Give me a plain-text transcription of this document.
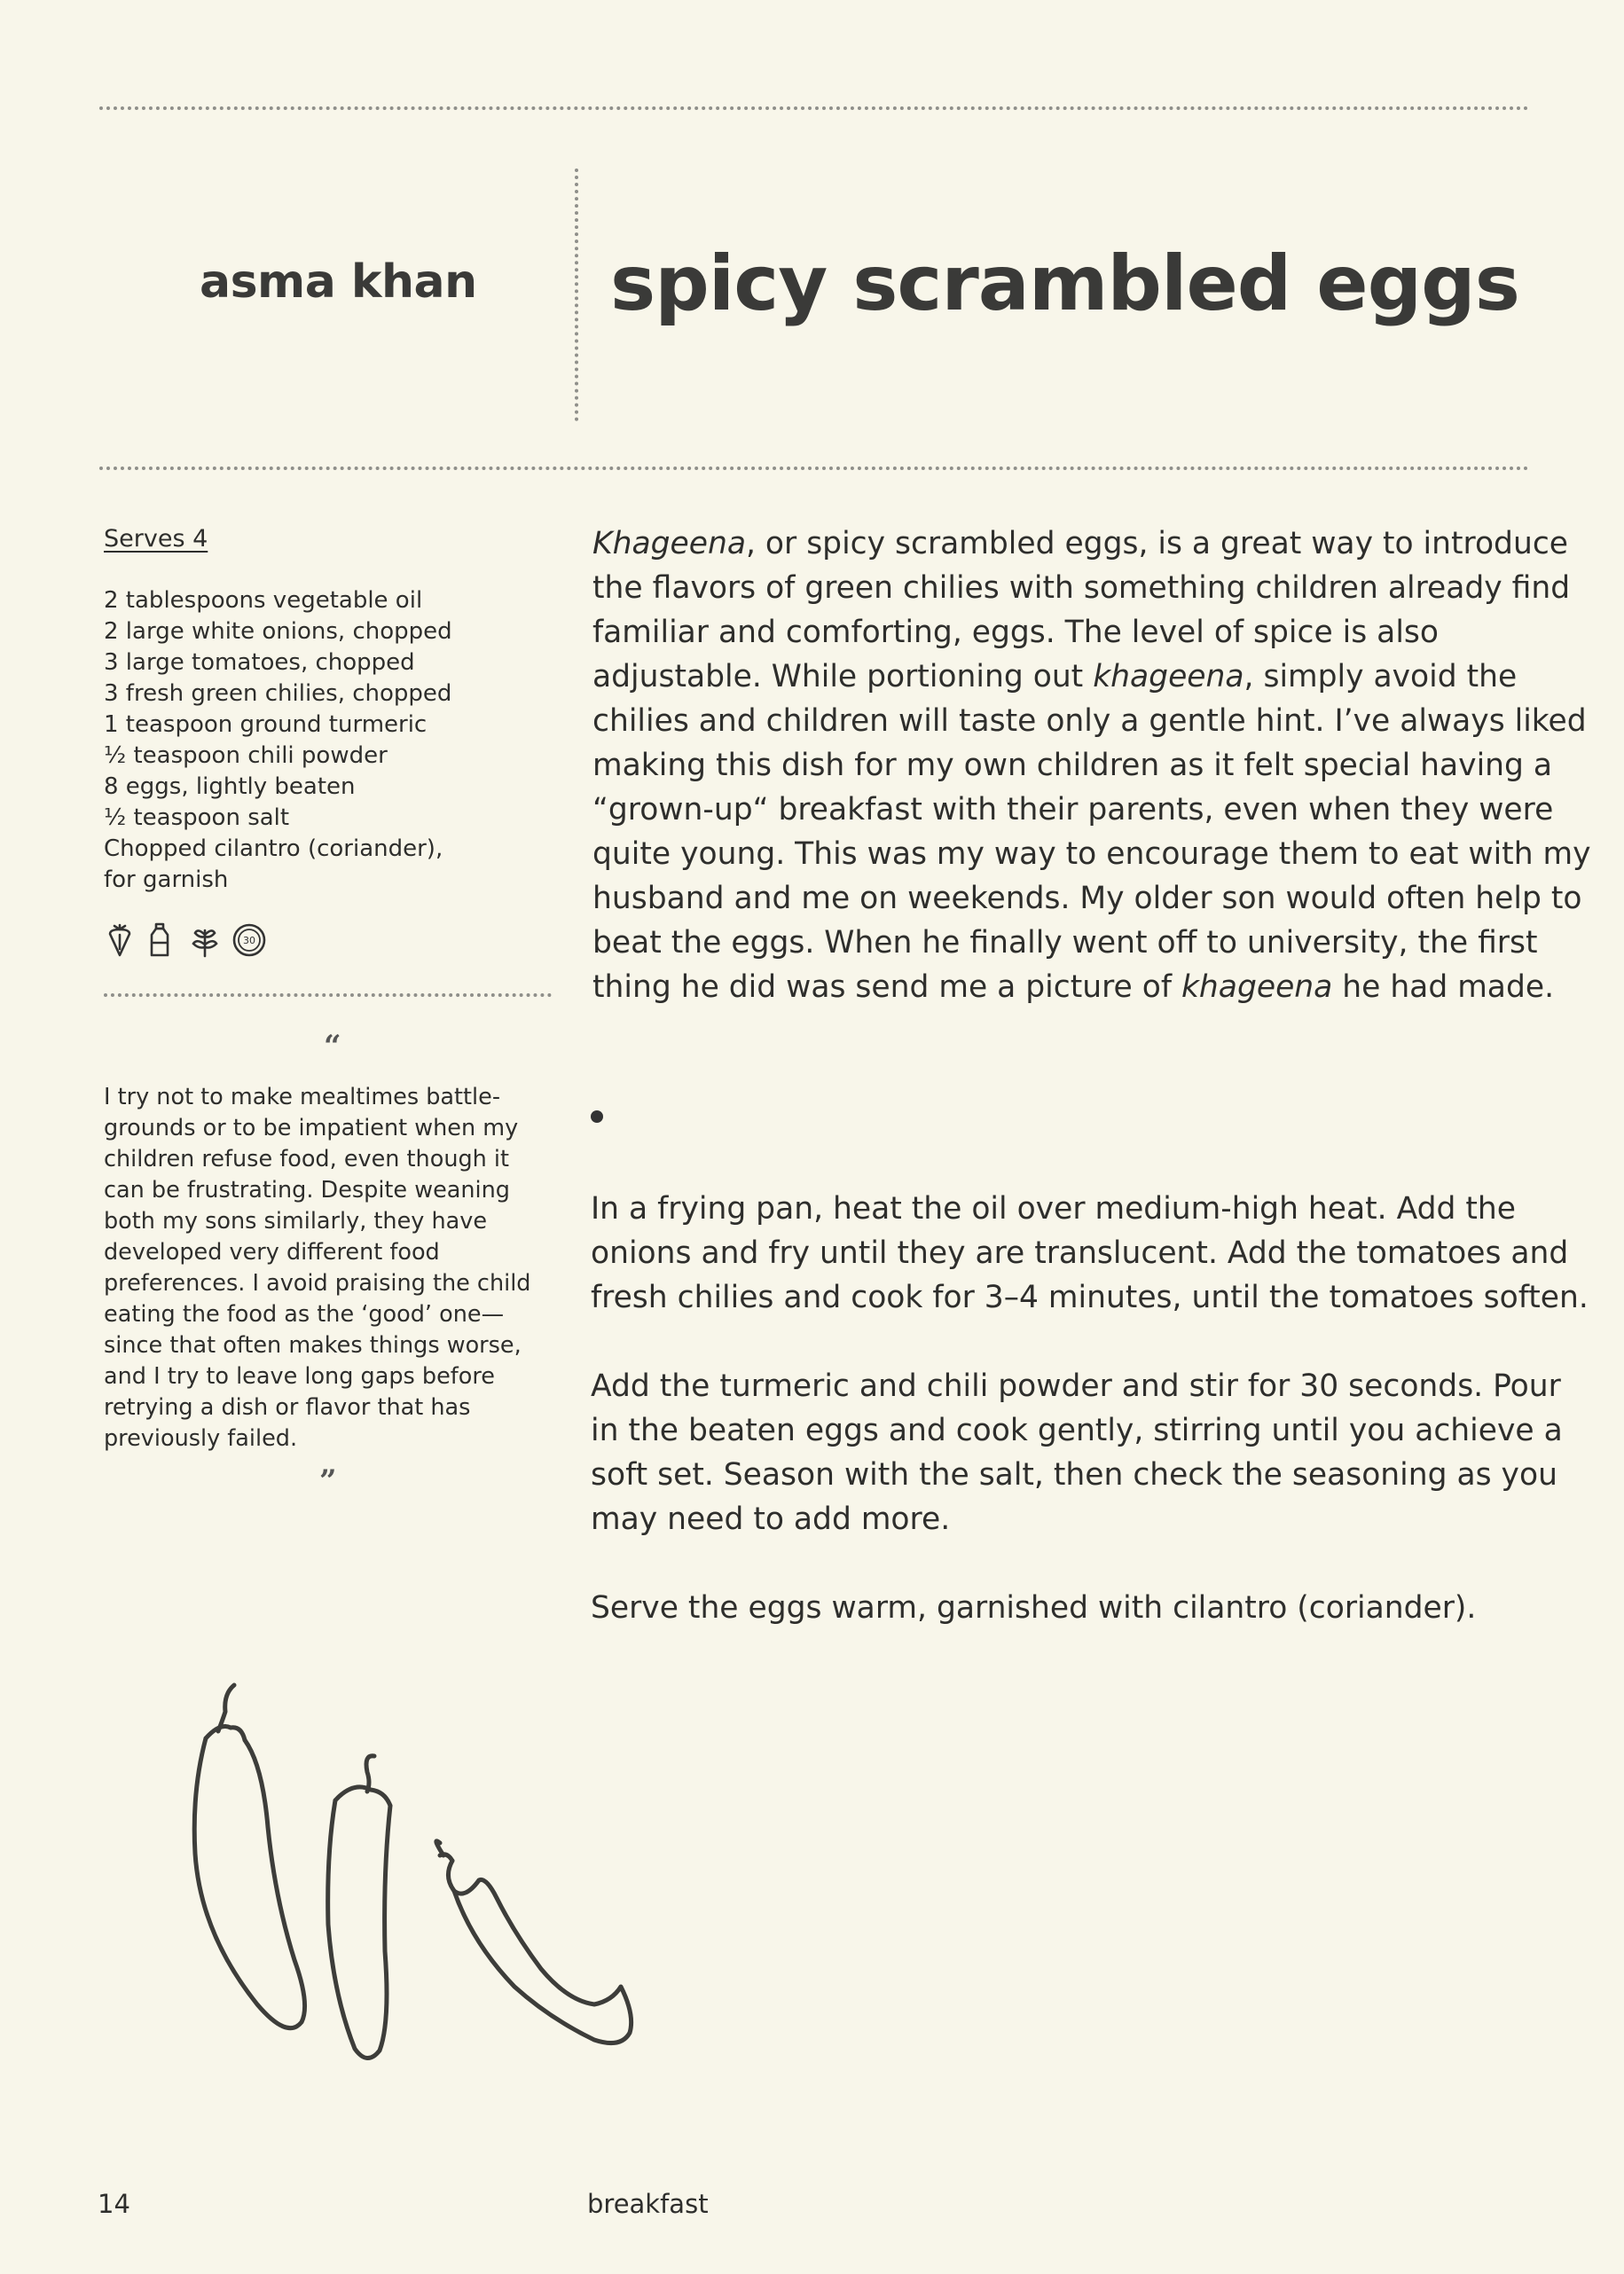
asma khan spicy scrambled eggs
Serves 4
2 tablespoons vegetable oil
2 large white onions, chopped
3 large tomatoes, chopped
3 fresh green chilies, chopped
1 teaspoon ground turmeric
½ teaspoon chili powder
8 eggs, lightly beaten
½ teaspoon salt
Chopped cilantro (coriander),
for garnish
30
“
I try not to make mealtimes battle-grounds or to be impatient when my children refuse food, even though it can be frustrating. Despite weaning both my sons similarly, they have developed very different food preferences. I avoid praising the child eating the food as the ‘good’ one—since that often makes things worse, and I try to leave long gaps before retrying a dish or flavor that has previously failed.
”

Khageena, or spicy scrambled eggs, is a great way to introduce the flavors of green chilies with something children already find familiar and comforting, eggs. The level of spice is also adjustable. While portioning out khageena, simply avoid the chilies and children will taste only a gentle hint. I’ve always liked making this dish for my own children as it felt special having a “grown-up“ breakfast with their parents, even when they were quite young. This was my way to encourage them to eat with my husband and me on weekends. My older son would often help to beat the eggs. When he finally went off to university, the first thing he did was send me a picture of khageena he had made.

In a frying pan, heat the oil over medium-high heat. Add the onions and fry until they are translucent. Add the tomatoes and fresh chilies and cook for 3–4 minutes, until the tomatoes soften.

Add the turmeric and chili powder and stir for 30 seconds. Pour in the beaten eggs and cook gently, stirring until you achieve a soft set. Season with the salt, then check the seasoning as you may need to add more.

Serve the eggs warm, garnished with cilantro (coriander).

14	breakfast
